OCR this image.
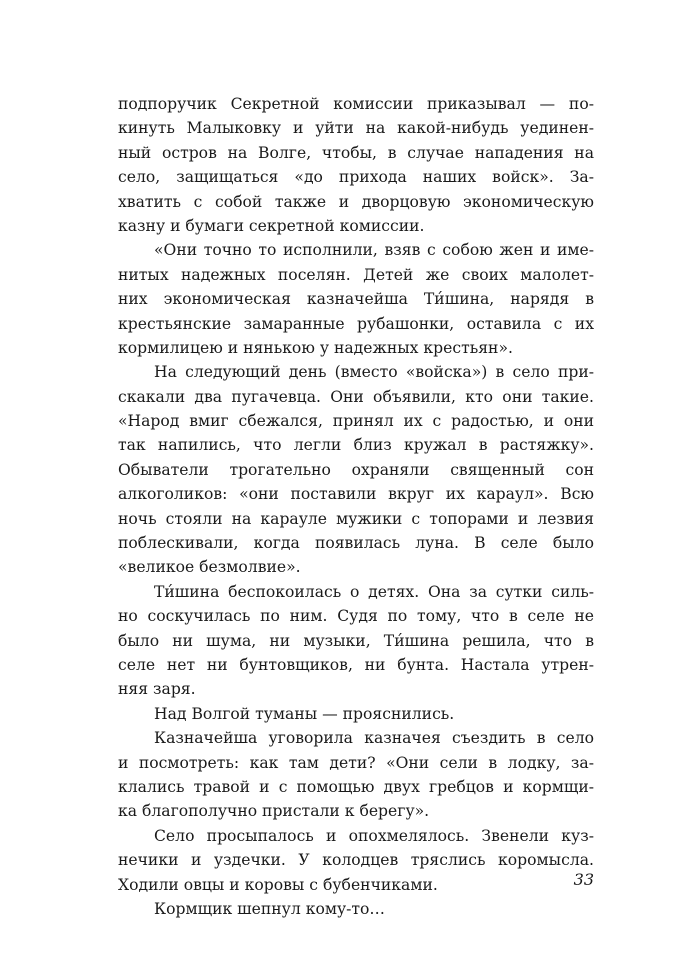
подпоручик Секретной комиссии приказывал — по-
кинуть Малыковку и уйти на какой-нибудь уединен-
ный остров на Волге, чтобы, в случае нападения на
село, защищаться «до прихода наших войск». За-
хватить с собой также и дворцовую экономическую
казну и бумаги секретной комиссии.
«Они точно то исполнили, взяв с собою жен и име-
нитых надежных поселян. Детей же своих малолет-
них экономическая казначейша Ти́шина, нарядя в
крестьянские замаранные рубашонки, оставила с их
кормилицею и нянькою у надежных крестьян».
На следующий день (вместо «войска») в село при-
скакали два пугачевца. Они объявили, кто они такие.
«Народ вмиг сбежался, принял их с радостью, и они
так напились, что легли близ кружал в растяжку».
Обыватели трогательно охраняли священный сон
алкоголиков: «они поставили вкруг их караул». Всю
ночь стояли на карауле мужики с топорами и лезвия
поблескивали, когда появилась луна. В селе было
«великое безмолвие».
Ти́шина беспокоилась о детях. Она за сутки силь-
но соскучилась по ним. Судя по тому, что в селе не
было ни шума, ни музыки, Ти́шина решила, что в
селе нет ни бунтовщиков, ни бунта. Настала утрен-
няя заря.
Над Волгой туманы — прояснились.
Казначейша уговорила казначея съездить в село
и посмотреть: как там дети? «Они сели в лодку, за-
клались травой и с помощью двух гребцов и кормщи-
ка благополучно пристали к берегу».
Село просыпалось и опохмелялось. Звенели куз-
нечики и уздечки. У колодцев тряслись коромысла.
Ходили овцы и коровы с бубенчиками.
Кормщик шепнул кому-то…
33
